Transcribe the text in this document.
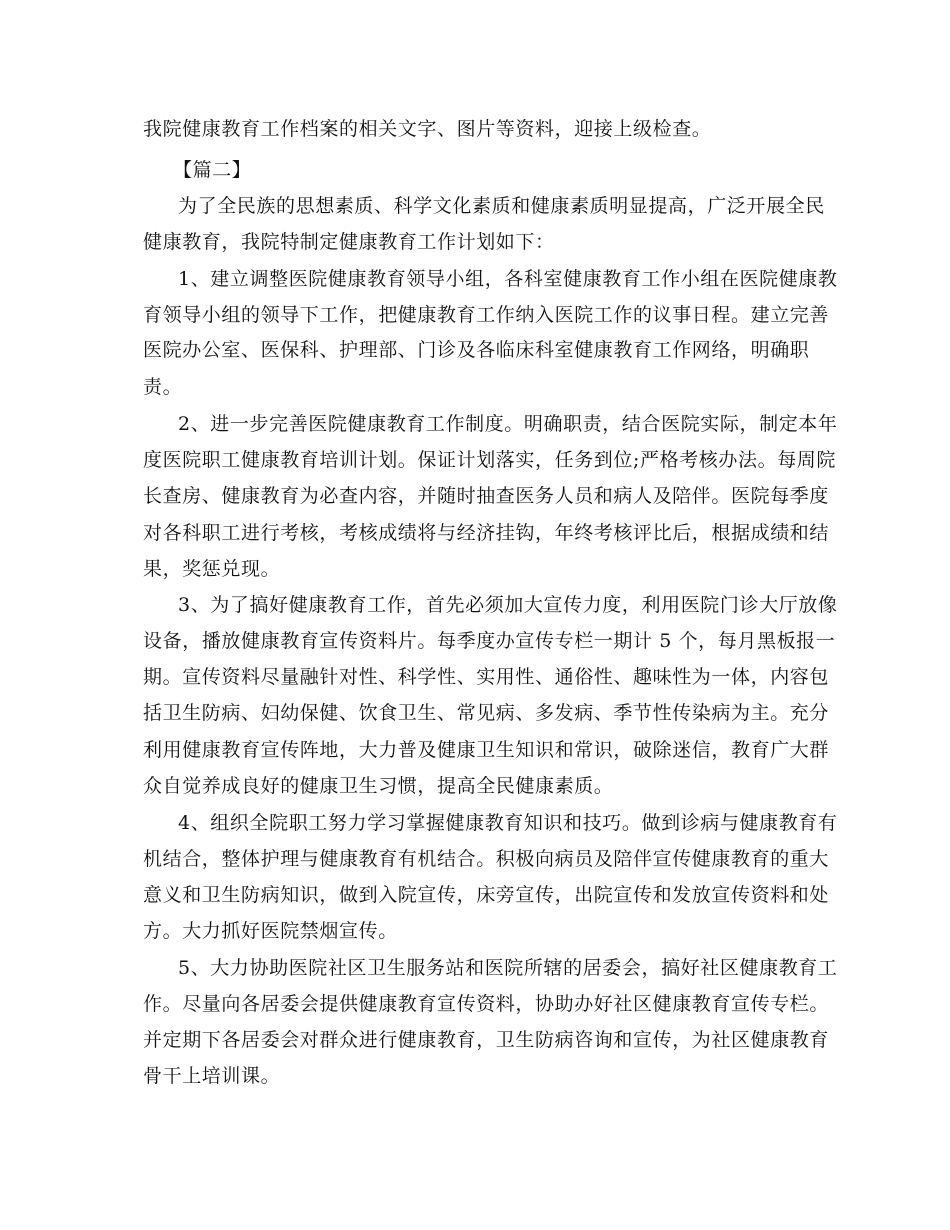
我院健康教育工作档案的相关文字、图片等资料，迎接上级检查。
【篇二】
为了全民族的思想素质、科学文化素质和健康素质明显提高，广泛开展全民
健康教育，我院特制定健康教育工作计划如下：
1、建立调整医院健康教育领导小组，各科室健康教育工作小组在医院健康教
育领导小组的领导下工作，把健康教育工作纳入医院工作的议事日程。建立完善
医院办公室、医保科、护理部、门诊及各临床科室健康教育工作网络，明确职
责。
2、进一步完善医院健康教育工作制度。明确职责，结合医院实际，制定本年
度医院职工健康教育培训计划。保证计划落实，任务到位;严格考核办法。每周院
长查房、健康教育为必查内容，并随时抽查医务人员和病人及陪伴。医院每季度
对各科职工进行考核，考核成绩将与经济挂钩，年终考核评比后，根据成绩和结
果，奖惩兑现。
3、为了搞好健康教育工作，首先必须加大宣传力度，利用医院门诊大厅放像
设备，播放健康教育宣传资料片。每季度办宣传专栏一期计 5 个，每月黑板报一
期。宣传资料尽量融针对性、科学性、实用性、通俗性、趣味性为一体，内容包
括卫生防病、妇幼保健、饮食卫生、常见病、多发病、季节性传染病为主。充分
利用健康教育宣传阵地，大力普及健康卫生知识和常识，破除迷信，教育广大群
众自觉养成良好的健康卫生习惯，提高全民健康素质。
4、组织全院职工努力学习掌握健康教育知识和技巧。做到诊病与健康教育有
机结合，整体护理与健康教育有机结合。积极向病员及陪伴宣传健康教育的重大
意义和卫生防病知识，做到入院宣传，床旁宣传，出院宣传和发放宣传资料和处
方。大力抓好医院禁烟宣传。
5、大力协助医院社区卫生服务站和医院所辖的居委会，搞好社区健康教育工
作。尽量向各居委会提供健康教育宣传资料，协助办好社区健康教育宣传专栏。
并定期下各居委会对群众进行健康教育，卫生防病咨询和宣传，为社区健康教育
骨干上培训课。
